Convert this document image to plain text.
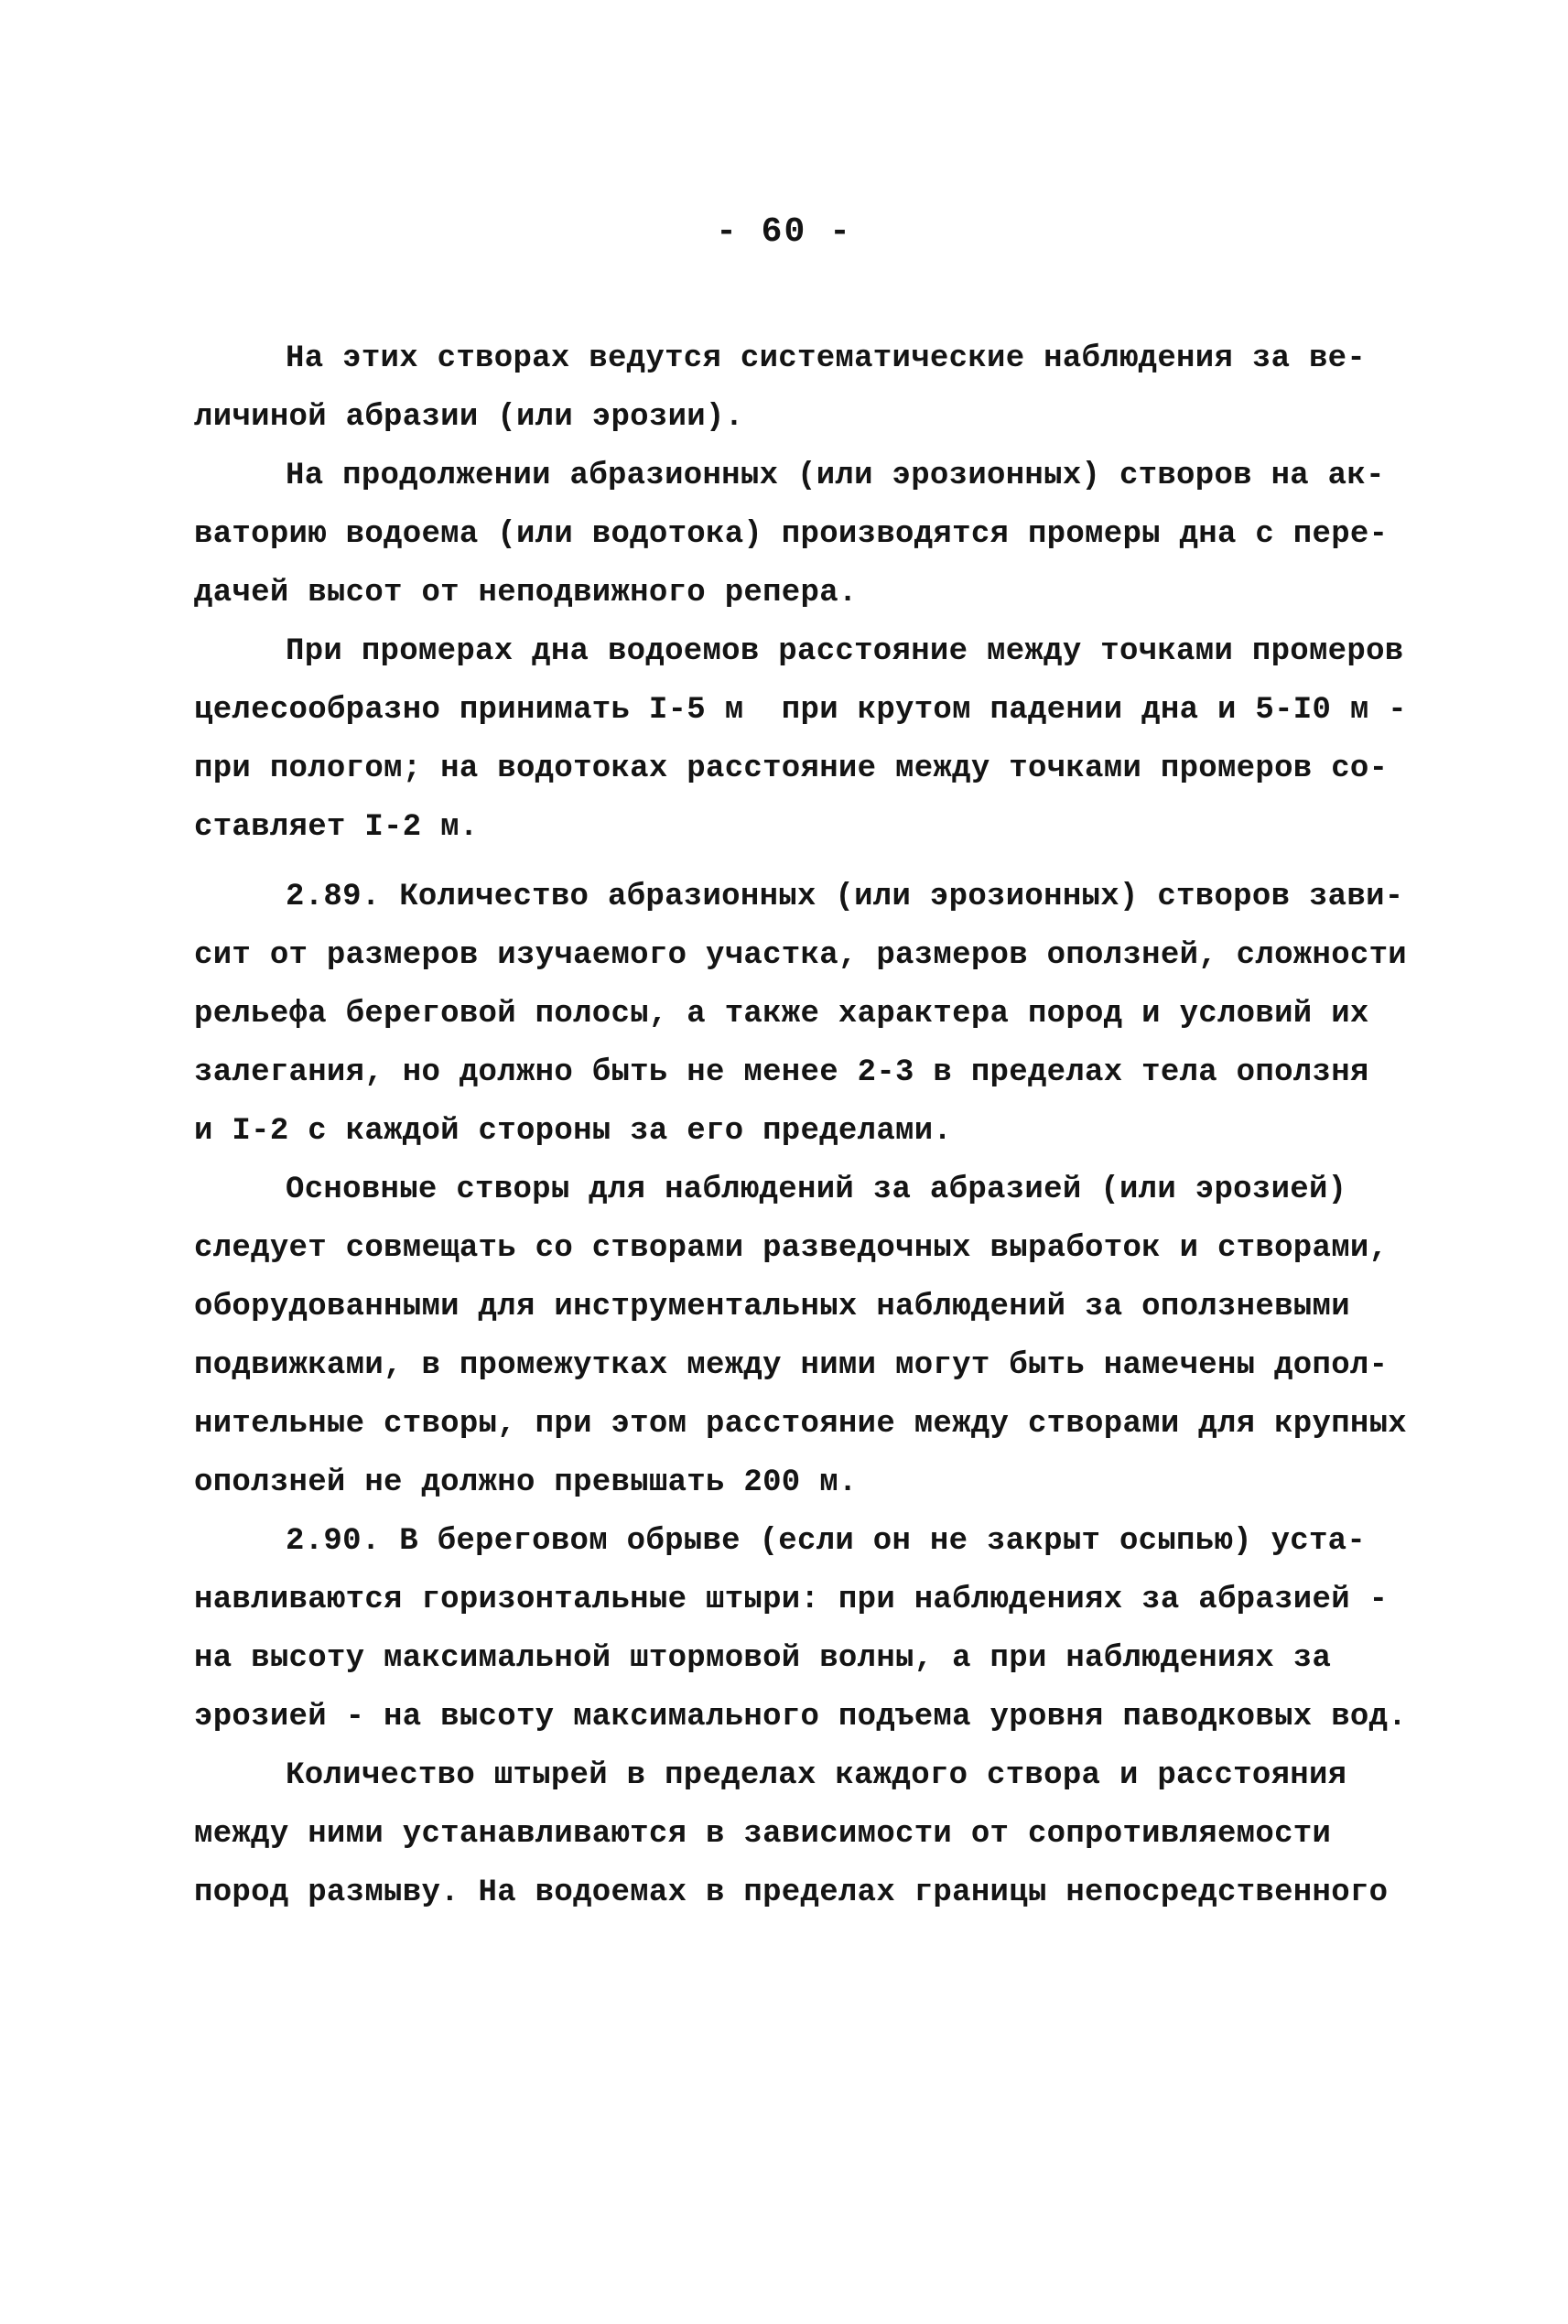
- 60 -
На этих створах ведутся систематические наблюдения за ве-
личиной абразии (или эрозии).
На продолжении абразионных (или эрозионных) створов на ак-
ваторию водоема (или водотока) производятся промеры дна с пере-
дачей высот от неподвижного репера.
При промерах дна водоемов расстояние между точками промеров
целесообразно принимать I-5 м  при крутом падении дна и 5-I0 м -
при пологом; на водотоках расстояние между точками промеров со-
ставляет I-2 м.
2.89. Количество абразионных (или эрозионных) створов зави-
сит от размеров изучаемого участка, размеров оползней, сложности
рельефа береговой полосы, а также характера пород и условий их
залегания, но должно быть не менее 2-3 в пределах тела оползня
и I-2 с каждой стороны за его пределами.
Основные створы для наблюдений за абразией (или эрозией)
следует совмещать со створами разведочных выработок и створами,
оборудованными для инструментальных наблюдений за оползневыми
подвижками, в промежутках между ними могут быть намечены допол-
нительные створы, при этом расстояние между створами для крупных
оползней не должно превышать 200 м.
2.90. В береговом обрыве (если он не закрыт осыпью) уста-
навливаются горизонтальные штыри: при наблюдениях за абразией -
на высоту максимальной штормовой волны, а при наблюдениях за
эрозией - на высоту максимального подъема уровня паводковых вод.
Количество штырей в пределах каждого створа и расстояния
между ними устанавливаются в зависимости от сопротивляемости
пород размыву. На водоемах в пределах границы непосредственного
